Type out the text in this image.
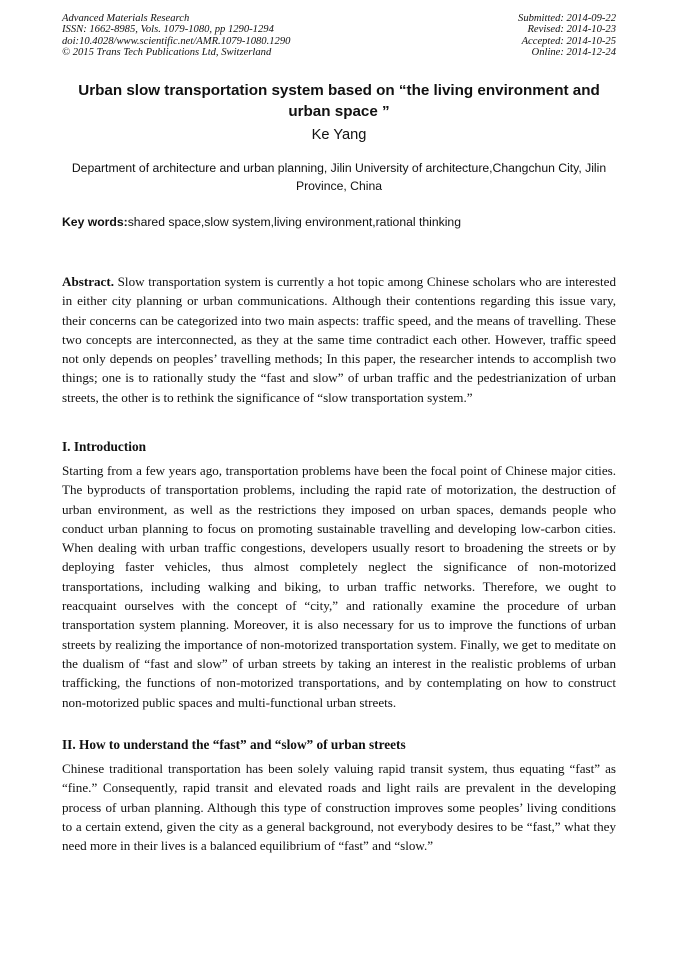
Advanced Materials Research
ISSN: 1662-8985, Vols. 1079-1080, pp 1290-1294
doi:10.4028/www.scientific.net/AMR.1079-1080.1290
© 2015 Trans Tech Publications Ltd, Switzerland
Submitted: 2014-09-22
Revised: 2014-10-23
Accepted: 2014-10-25
Online: 2014-12-24
Urban slow transportation system based on “the living environment and urban space ”
Ke Yang
Department of architecture and urban planning, Jilin University of architecture,Changchun City, Jilin Province, China
Key words:shared space,slow system,living environment,rational thinking
Abstract. Slow transportation system is currently a hot topic among Chinese scholars who are interested in either city planning or urban communications. Although their contentions regarding this issue vary, their concerns can be categorized into two main aspects: traffic speed, and the means of travelling. These two concepts are interconnected, as they at the same time contradict each other. However, traffic speed not only depends on peoples’ travelling methods; In this paper, the researcher intends to accomplish two things; one is to rationally study the “fast and slow” of urban traffic and the pedestrianization of urban streets, the other is to rethink the significance of “slow transportation system.”
I. Introduction
Starting from a few years ago, transportation problems have been the focal point of Chinese major cities. The byproducts of transportation problems, including the rapid rate of motorization, the destruction of urban environment, as well as the restrictions they imposed on urban spaces, demands people who conduct urban planning to focus on promoting sustainable travelling and developing low-carbon cities. When dealing with urban traffic congestions, developers usually resort to broadening the streets or by deploying faster vehicles, thus almost completely neglect the significance of non-motorized transportations, including walking and biking, to urban traffic networks. Therefore, we ought to reacquaint ourselves with the concept of “city,” and rationally examine the procedure of urban transportation system planning. Moreover, it is also necessary for us to improve the functions of urban streets by realizing the importance of non-motorized transportation system. Finally, we get to meditate on the dualism of “fast and slow” of urban streets by taking an interest in the realistic problems of urban trafficking, the functions of non-motorized transportations, and by contemplating on how to construct non-motorized public spaces and multi-functional urban streets.
II. How to understand the “fast” and “slow” of urban streets
Chinese traditional transportation has been solely valuing rapid transit system, thus equating “fast” as “fine.” Consequently, rapid transit and elevated roads and light rails are prevalent in the developing process of urban planning. Although this type of construction improves some peoples’ living conditions to a certain extend, given the city as a general background, not everybody desires to be “fast,” what they need more in their lives is a balanced equilibrium of “fast” and “slow.”
